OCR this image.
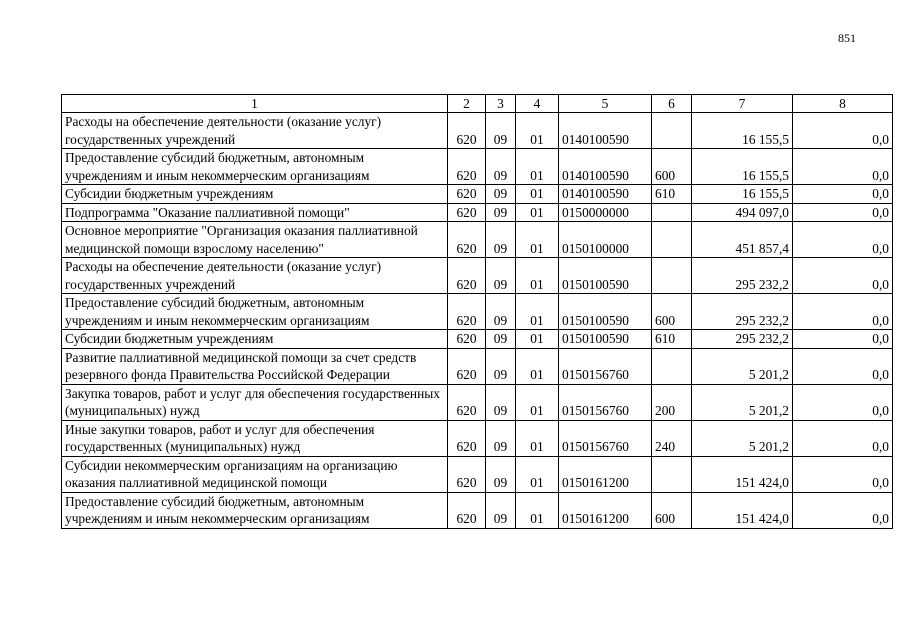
851
1	2	3	4	5	6	7	8
Расходы на обеспечение деятельности (оказание услуг) государственных учреждений	620	09	01	0140100590		16 155,5	0,0
Предоставление субсидий бюджетным, автономным учреждениям и иным некоммерческим организациям	620	09	01	0140100590	600	16 155,5	0,0
Субсидии бюджетным учреждениям	620	09	01	0140100590	610	16 155,5	0,0
Подпрограмма "Оказание паллиативной помощи"	620	09	01	0150000000		494 097,0	0,0
Основное мероприятие "Организация оказания паллиативной медицинской помощи взрослому населению"	620	09	01	0150100000		451 857,4	0,0
Расходы на обеспечение деятельности (оказание услуг) государственных учреждений	620	09	01	0150100590		295 232,2	0,0
Предоставление субсидий бюджетным, автономным учреждениям и иным некоммерческим организациям	620	09	01	0150100590	600	295 232,2	0,0
Субсидии бюджетным учреждениям	620	09	01	0150100590	610	295 232,2	0,0
Развитие паллиативной медицинской помощи за счет средств резервного фонда Правительства Российской Федерации	620	09	01	0150156760		5 201,2	0,0
Закупка товаров, работ и услуг для обеспечения государственных (муниципальных) нужд	620	09	01	0150156760	200	5 201,2	0,0
Иные закупки товаров, работ и услуг для обеспечения государственных (муниципальных) нужд	620	09	01	0150156760	240	5 201,2	0,0
Субсидии некоммерческим организациям на организацию оказания паллиативной медицинской помощи	620	09	01	0150161200		151 424,0	0,0
Предоставление субсидий бюджетным, автономным учреждениям и иным некоммерческим организациям	620	09	01	0150161200	600	151 424,0	0,0
